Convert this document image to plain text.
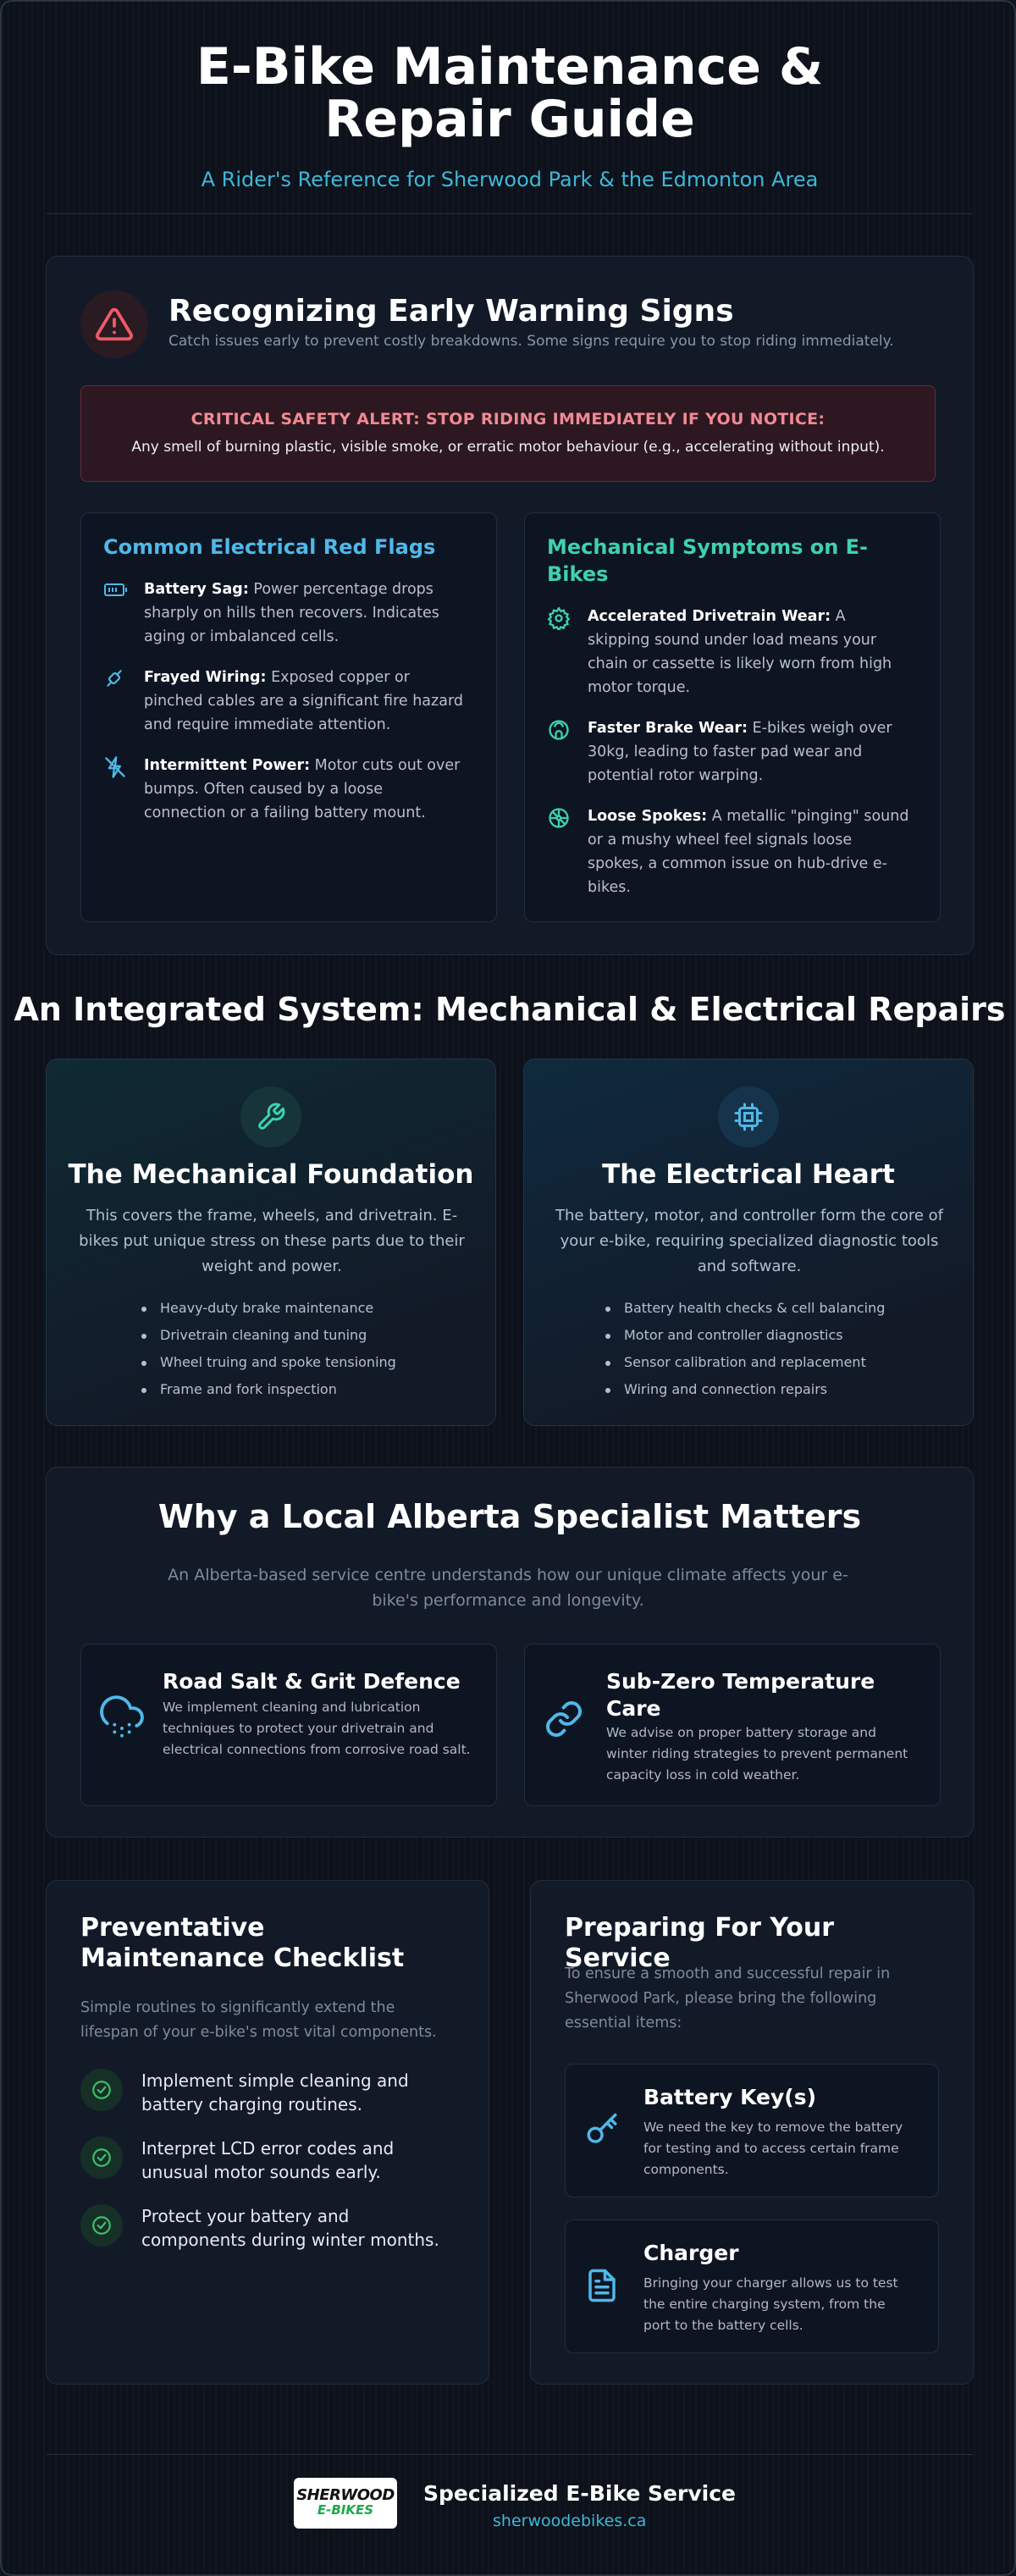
E-Bike Maintenance & Repair Guide
A Rider's Reference for Sherwood Park & the Edmonton Area
Recognizing Early Warning Signs
Catch issues early to prevent costly breakdowns. Some signs require you to stop riding immediately.
CRITICAL SAFETY ALERT: STOP RIDING IMMEDIATELY IF YOU NOTICE:
Any smell of burning plastic, visible smoke, or erratic motor behaviour (e.g., accelerating without input).
Common Electrical Red Flags
Battery Sag: Power percentage drops sharply on hills then recovers. Indicates aging or imbalanced cells.
Frayed Wiring: Exposed copper or pinched cables are a significant fire hazard and require immediate attention.
Intermittent Power: Motor cuts out over bumps. Often caused by a loose connection or a failing battery mount.
Mechanical Symptoms on E-Bikes
Accelerated Drivetrain Wear: A skipping sound under load means your chain or cassette is likely worn from high motor torque.
Faster Brake Wear: E-bikes weigh over 30kg, leading to faster pad wear and potential rotor warping.
Loose Spokes: A metallic "pinging" sound or a mushy wheel feel signals loose spokes, a common issue on hub-drive e-bikes.
An Integrated System: Mechanical & Electrical Repairs
The Mechanical Foundation
This covers the frame, wheels, and drivetrain. E-bikes put unique stress on these parts due to their weight and power.
Heavy-duty brake maintenance
Drivetrain cleaning and tuning
Wheel truing and spoke tensioning
Frame and fork inspection
The Electrical Heart
The battery, motor, and controller form the core of your e-bike, requiring specialized diagnostic tools and software.
Battery health checks & cell balancing
Motor and controller diagnostics
Sensor calibration and replacement
Wiring and connection repairs
Why a Local Alberta Specialist Matters
An Alberta-based service centre understands how our unique climate affects your e-bike's performance and longevity.
Road Salt & Grit Defence
We implement cleaning and lubrication techniques to protect your drivetrain and electrical connections from corrosive road salt.
Sub-Zero Temperature Care
We advise on proper battery storage and winter riding strategies to prevent permanent capacity loss in cold weather.
Preventative Maintenance Checklist
Simple routines to significantly extend the lifespan of your e-bike's most vital components.
Implement simple cleaning and battery charging routines.
Interpret LCD error codes and unusual motor sounds early.
Protect your battery and components during winter months.
Preparing For Your Service
To ensure a smooth and successful repair in Sherwood Park, please bring the following essential items:
Battery Key(s)
We need the key to remove the battery for testing and to access certain frame components.
Charger
Bringing your charger allows us to test the entire charging system, from the port to the battery cells.
SHERWOOD
E-BIKES
Specialized E-Bike Service
sherwoodebikes.ca
